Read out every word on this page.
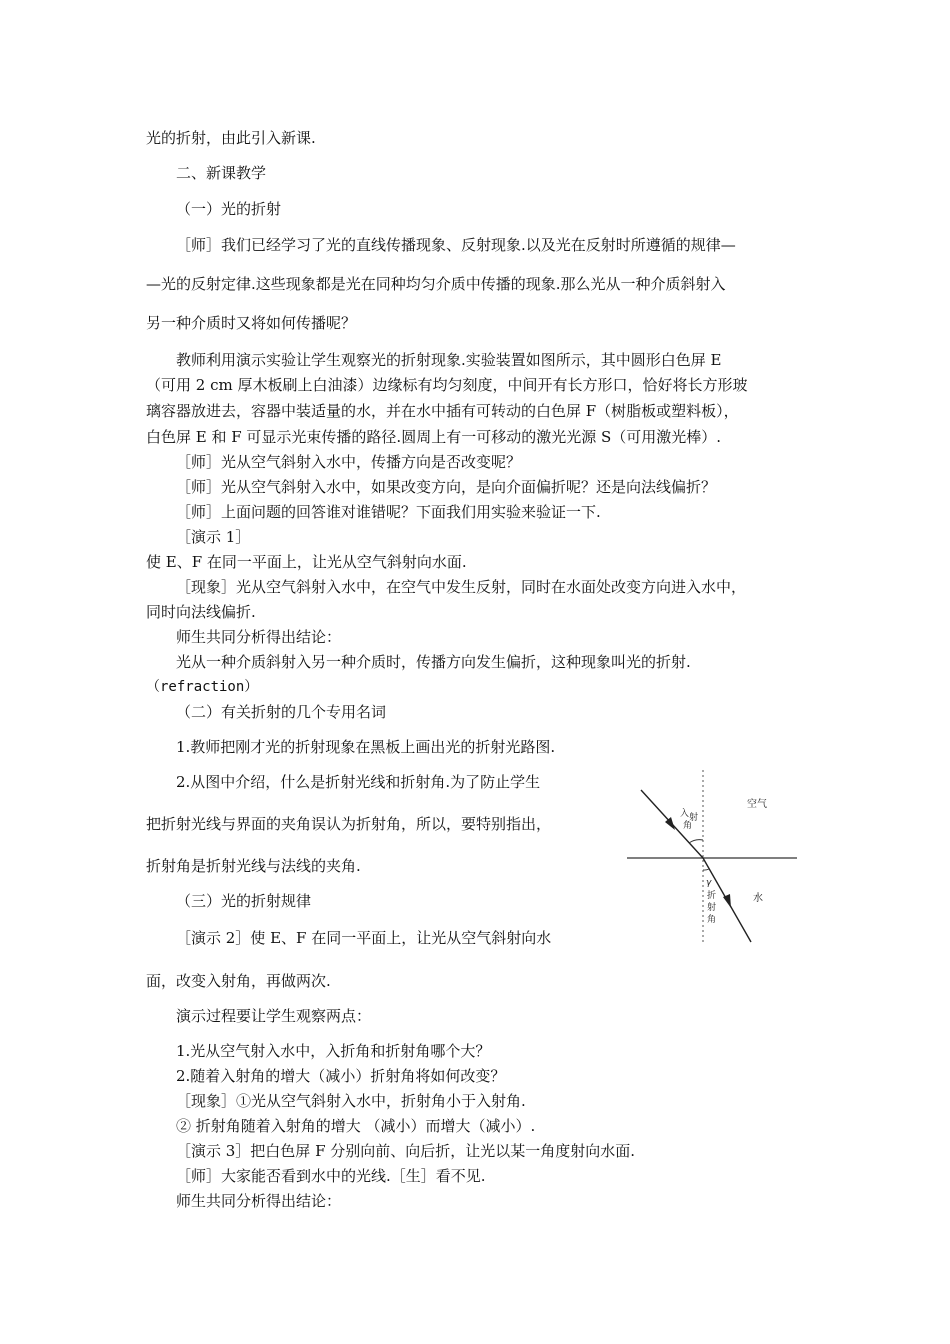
光的折射，由此引入新课.
二、新课教学
（一）光的折射
［师］我们已经学习了光的直线传播现象、反射现象.以及光在反射时所遵循的规律—
—光的反射定律.这些现象都是光在同种均匀介质中传播的现象.那么光从一种介质斜射入
另一种介质时又将如何传播呢？
教师利用演示实验让学生观察光的折射现象.实验装置如图所示，其中圆形白色屏 E
（可用 2 cm 厚木板刷上白油漆）边缘标有均匀刻度，中间开有长方形口，恰好将长方形玻
璃容器放进去，容器中装适量的水，并在水中插有可转动的白色屏 F（树脂板或塑料板），
白色屏 E 和 F 可显示光束传播的路径.圆周上有一可移动的激光光源 S（可用激光棒）.
［师］光从空气斜射入水中，传播方向是否改变呢？
［师］光从空气斜射入水中，如果改变方向，是向介面偏折呢？还是向法线偏折？
［师］上面问题的回答谁对谁错呢？下面我们用实验来验证一下.
［演示 1］
使 E、F 在同一平面上，让光从空气斜射向水面.
［现象］光从空气斜射入水中，在空气中发生反射，同时在水面处改变方向进入水中，
同时向法线偏折.
师生共同分析得出结论：
光从一种介质斜射入另一种介质时，传播方向发生偏折，这种现象叫光的折射.
（refraction）
（二）有关折射的几个专用名词
1.教师把刚才光的折射现象在黑板上画出光的折射光路图.
2.从图中介绍，什么是折射光线和折射角.为了防止学生
把折射光线与界面的夹角误认为折射角，所以，要特别指出，
折射角是折射光线与法线的夹角.
（三）光的折射规律
［演示 2］使 E、F 在同一平面上，让光从空气斜射向水
面，改变入射角，再做两次.
演示过程要让学生观察两点：
1.光从空气射入水中，入折角和折射角哪个大？
2.随着入射角的增大（减小）折射角将如何改变？
［现象］①光从空气斜射入水中，折射角小于入射角.
② 折射角随着入射角的增大 （减小）而增大（减小）.
［演示 3］把白色屏 F 分别向前、向后折，让光以某一角度射向水面.
［师］大家能否看到水中的光线.［生］看不见.
师生共同分析得出结论：
空气
水
入 射
角
γ
折
射
角
